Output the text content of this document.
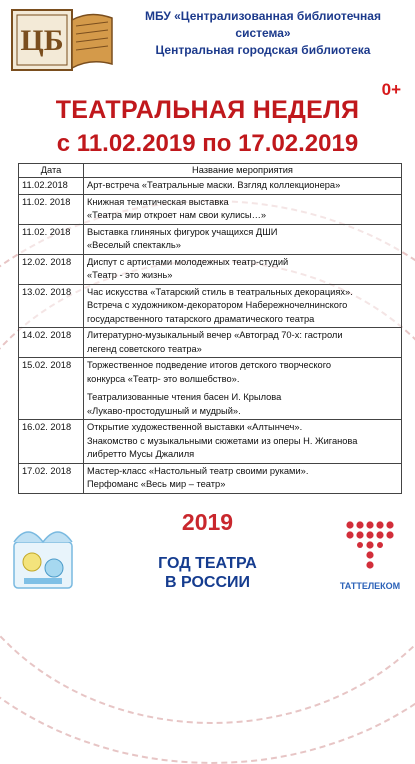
ЦБ
МБУ «Централизованная библиотечная система»
Центральная городская библиотека
0+
ТЕАТРАЛЬНАЯ НЕДЕЛЯ
с 11.02.2019 по 17.02.2019
Дата	Название мероприятия
11.02.2018	Арт-встреча «Театральные маски. Взгляд коллекционера»

11.02. 2018	Книжная тематическая выставка

«Театра мир откроет нам свои кулисы…»

11.02. 2018	Выставка глиняных фигурок учащихся ДШИ

«Веселый спектакль»

12.02. 2018	Диспут с артистами молодежных театр-студий

«Театр - это жизнь»

13.02. 2018	Час искусства «Татарский стиль в театральных декорациях».

Встреча с художником-декоратором Набережночелнинского

государственного татарского драматического театра

14.02. 2018	Литературно-музыкальный вечер «Автоград 70-х: гастроли

легенд советского театра»

15.02. 2018	Торжественное подведение итогов детского творческого

конкурса «Театр- это волшебство».

Театрализованные чтения басен И. Крылова

«Лукаво-простодушный и мудрый».

16.02. 2018	Открытие художественной выставки «Алтынчеч».

Знакомство с музыкальными сюжетами из оперы Н. Жиганова

либретто Мусы Джалиля

17.02. 2018	Мастер-класс «Настольный театр своими руками».

Перфоманс «Весь мир – театр»

2019
ГОД ТЕАТРА
В РОССИИ	ТАТТЕЛЕКОМ
